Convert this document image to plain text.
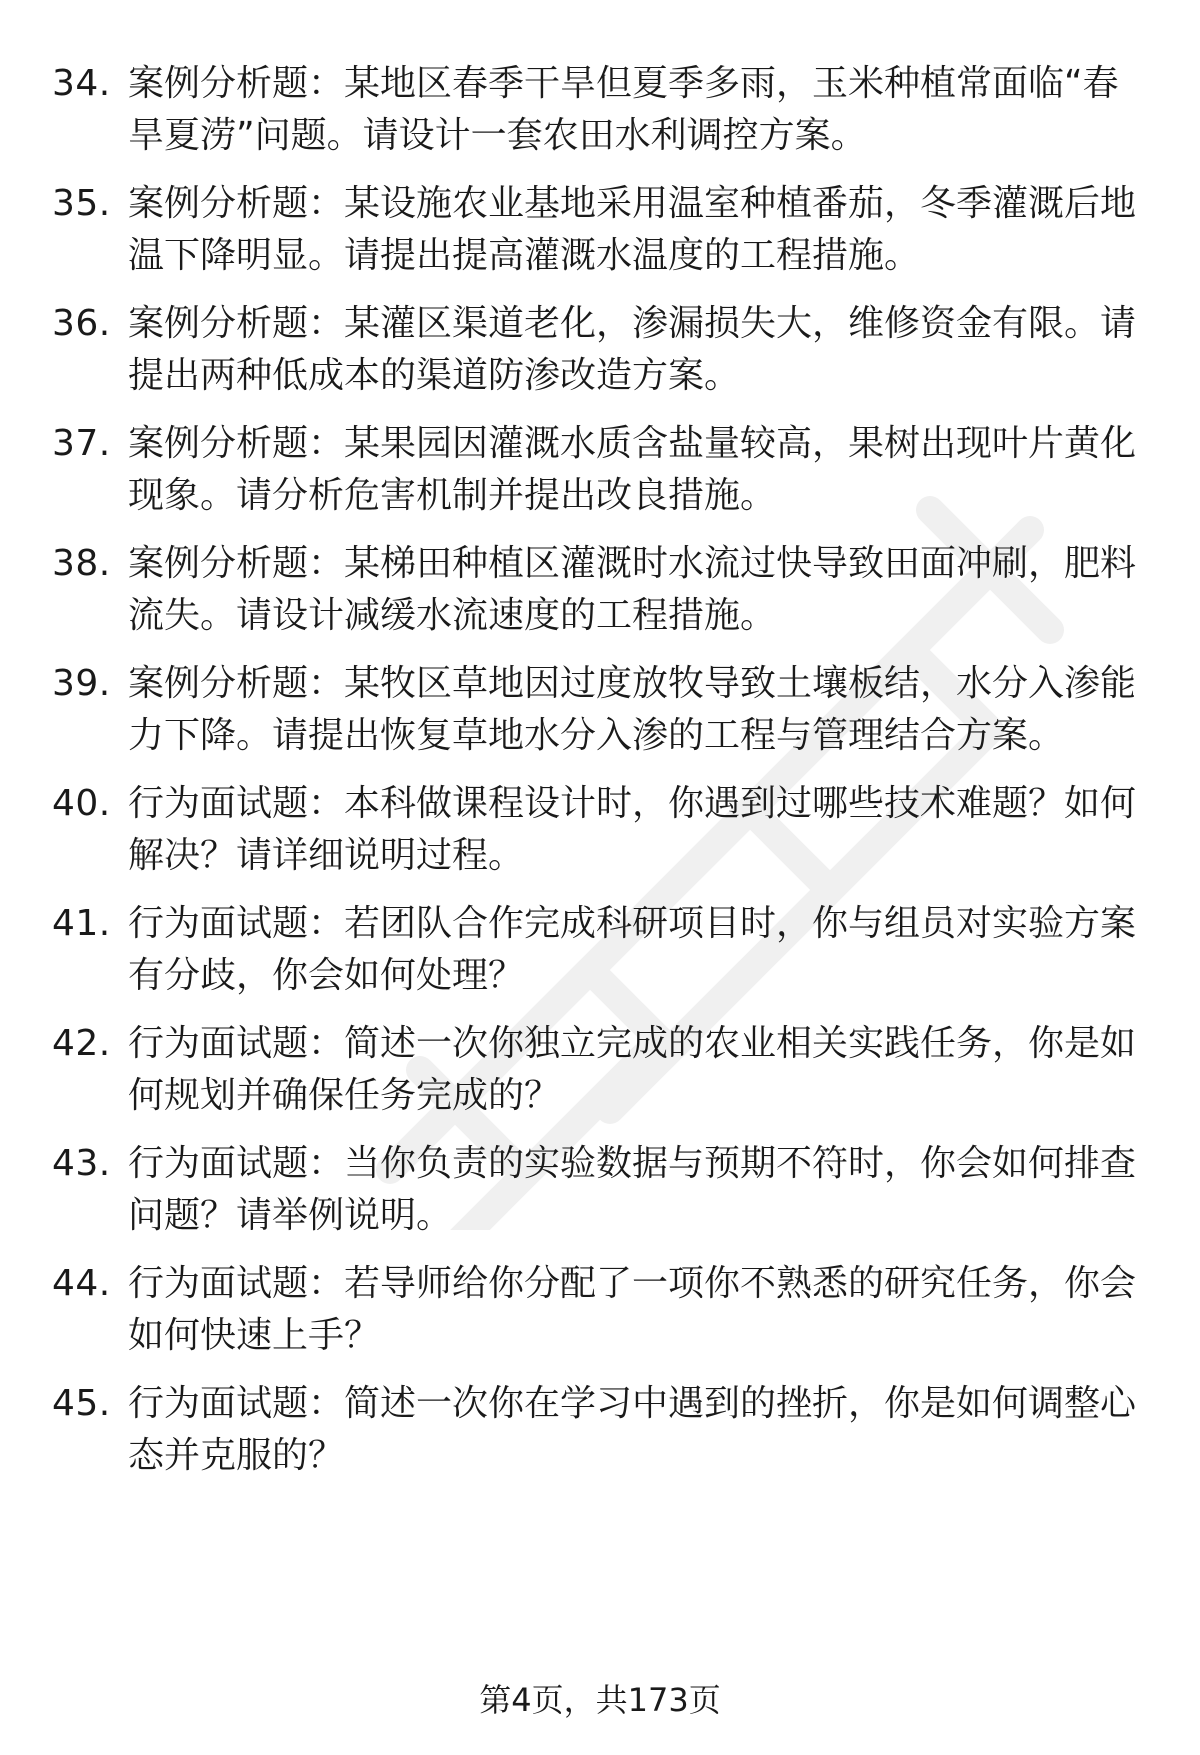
34. 案例分析题：某地区春季干旱但夏季多雨，玉米种植常面临“春
旱夏涝”问题。请设计一套农田水利调控方案。

35. 案例分析题：某设施农业基地采用温室种植番茄，冬季灌溉后地
温下降明显。请提出提高灌溉水温度的工程措施。

36. 案例分析题：某灌区渠道老化，渗漏损失大，维修资金有限。请
提出两种低成本的渠道防渗改造方案。

37. 案例分析题：某果园因灌溉水质含盐量较高，果树出现叶片黄化
现象。请分析危害机制并提出改良措施。

38. 案例分析题：某梯田种植区灌溉时水流过快导致田面冲刷，肥料
流失。请设计减缓水流速度的工程措施。

39. 案例分析题：某牧区草地因过度放牧导致土壤板结，水分入渗能
力下降。请提出恢复草地水分入渗的工程与管理结合方案。

40. 行为面试题：本科做课程设计时，你遇到过哪些技术难题？如何
解决？请详细说明过程。

41. 行为面试题：若团队合作完成科研项目时，你与组员对实验方案
有分歧，你会如何处理？

42. 行为面试题：简述一次你独立完成的农业相关实践任务，你是如
何规划并确保任务完成的？

43. 行为面试题：当你负责的实验数据与预期不符时，你会如何排查
问题？请举例说明。

44. 行为面试题：若导师给你分配了一项你不熟悉的研究任务，你会
如何快速上手？

45. 行为面试题：简述一次你在学习中遇到的挫折，你是如何调整心
态并克服的？

第4页，共173页
